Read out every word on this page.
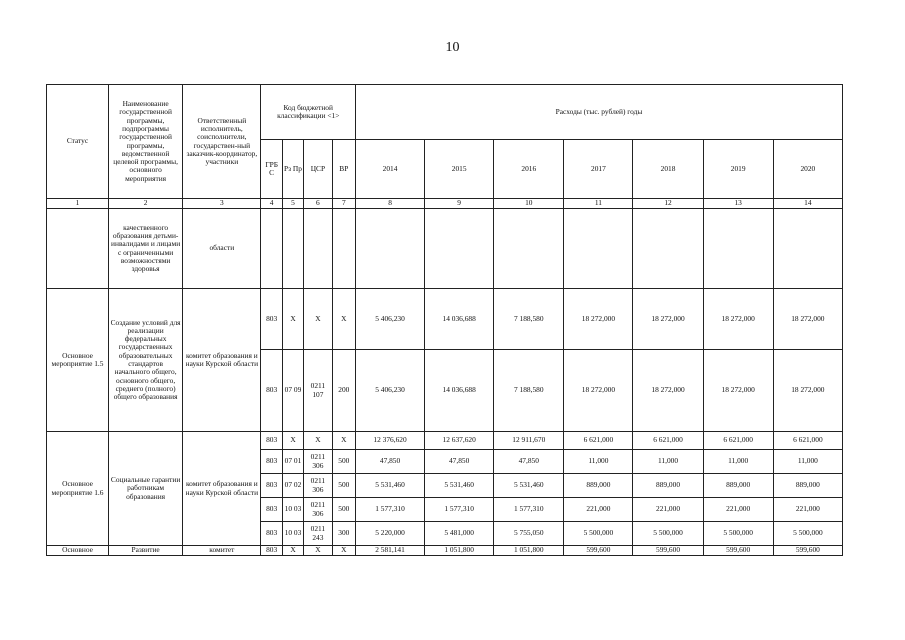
10
Статус	Наименование государственной программы, подпрограммы государственной программы, ведомственной целевой программы, основного мероприятия	Ответственный исполнитель, соисполнители, государствен-ный заказчик-координатор, участники	Код бюджетной классификации <1>				Расходы (тыс. рублей) годы						
			ГРБ С	Рз Пр	ЦСР	ВР	2014	2015	2016	2017	2018	2019	2020
1	2	3	4	5	6	7	8	9	10	11	12	13	14
	качественного образования детьми-инвалидами и лицами с ограниченными возможностями здоровья	области											
Основное мероприятие 1.5	Создание условий для реализации федеральных государственных образовательных стандартов начального общего, основного общего, среднего (полного) общего образования	комитет образования и науки Курской области	803	X	X	X	5 406,230	14 036,688	7 188,580	18 272,000	18 272,000	18 272,000	18 272,000
			803	07 09	0211 107	200	5 406,230	14 036,688	7 188,580	18 272,000	18 272,000	18 272,000	18 272,000
Основное мероприятие 1.6	Социальные гарантии работникам образования	комитет образования и науки Курской области	803	X	X	X	12 376,620	12 637,620	12 911,670	6 621,000	6 621,000	6 621,000	6 621,000
			803	07 01	0211 306	500	47,850	47,850	47,850	11,000	11,000	11,000	11,000
			803	07 02	0211 306	500	5 531,460	5 531,460	5 531,460	889,000	889,000	889,000	889,000
			803	10 03	0211 306	500	1 577,310	1 577,310	1 577,310	221,000	221,000	221,000	221,000
			803	10 03	0211 243	300	5 220,000	5 481,000	5 755,050	5 500,000	5 500,000	5 500,000	5 500,000
Основное	Развитие	комитет	803	X	X	X	2 581,141	1 051,800	1 051,800	599,600	599,600	599,600	599,600
